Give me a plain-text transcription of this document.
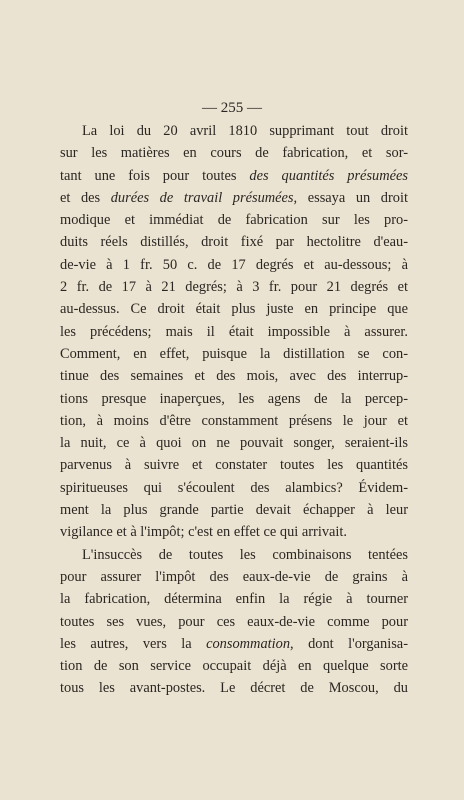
— 255 —
La loi du 20 avril 1810 supprimant tout droit
sur les matières en cours de fabrication, et sor-
tant une fois pour toutes des quantités présumées
et des durées de travail présumées, essaya un droit
modique et immédiat de fabrication sur les pro-
duits réels distillés, droit fixé par hectolitre d'eau-
de-vie à 1 fr. 50 c. de 17 degrés et au-dessous; à
2 fr. de 17 à 21 degrés; à 3 fr. pour 21 degrés et
au-dessus. Ce droit était plus juste en principe que
les précédens; mais il était impossible à assurer.
Comment, en effet, puisque la distillation se con-
tinue des semaines et des mois, avec des interrup-
tions presque inaperçues, les agens de la percep-
tion, à moins d'être constamment présens le jour et
la nuit, ce à quoi on ne pouvait songer, seraient-ils
parvenus à suivre et constater toutes les quantités
spiritueuses qui s'écoulent des alambics? Évidem-
ment la plus grande partie devait échapper à leur
vigilance et à l'impôt; c'est en effet ce qui arrivait.
L'insuccès de toutes les combinaisons tentées
pour assurer l'impôt des eaux-de-vie de grains à
la fabrication, détermina enfin la régie à tourner
toutes ses vues, pour ces eaux-de-vie comme pour
les autres, vers la consommation, dont l'organisa-
tion de son service occupait déjà en quelque sorte
tous les avant-postes. Le décret de Moscou, du
